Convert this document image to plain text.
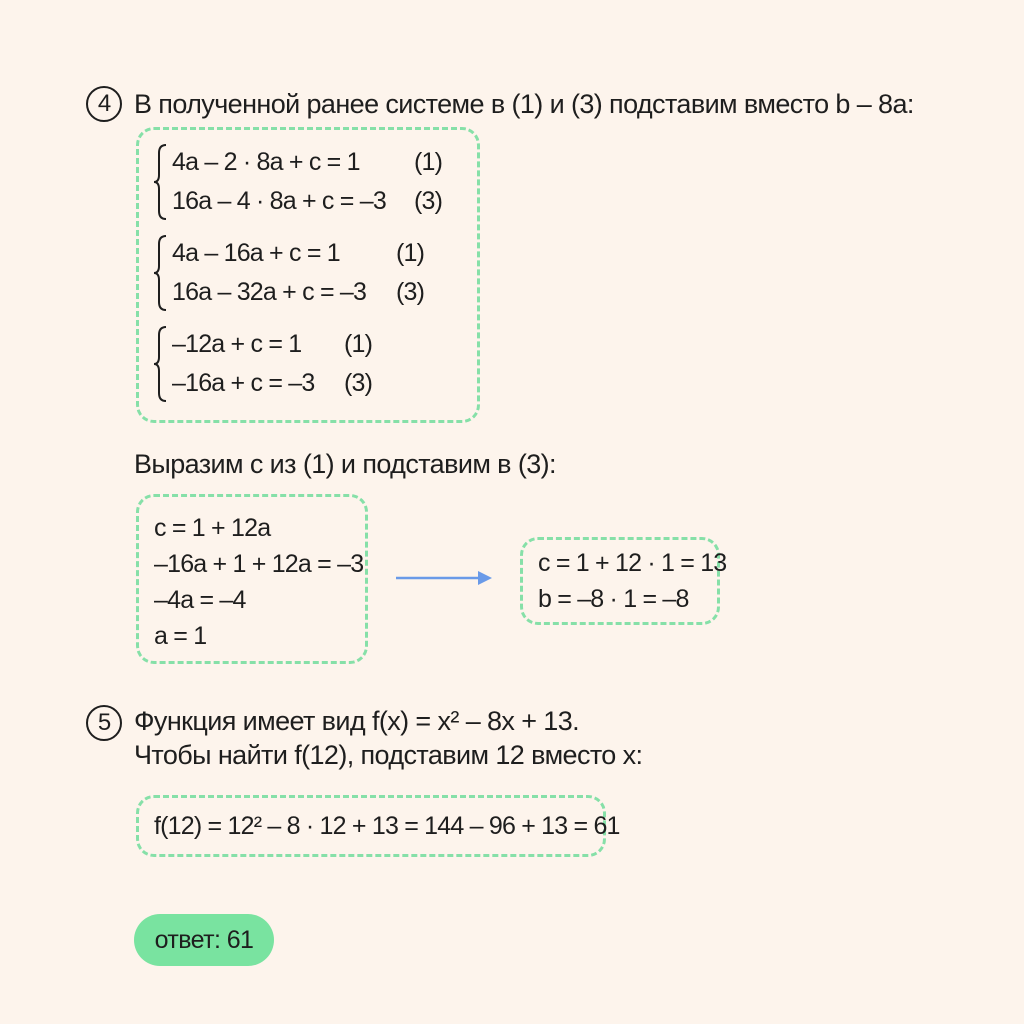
4 В полученной ранее системе в (1) и (3) подставим вместо b – 8a:
4a – 2 · 8a + c = 1	(1)
16a – 4 · 8a + c = –3 (3)
4a – 16a + c = 1	(1)
16a – 32a + c = –3 (3)
–12a + c = 1	(1)
–16a + c = –3 (3)
Выразим c из (1) и подставим в (3):
c = 1 + 12a
–16a + 1 + 12a = –3
–4a = –4
a = 1
c = 1 + 12 · 1 = 13
b = –8 · 1 = –8
5 Функция имеет вид f(x) = x² – 8x + 13.
Чтобы найти f(12), подставим 12 вместо x:
f(12) = 12² – 8 · 12 + 13 = 144 – 96 + 13 = 61
ответ: 61
